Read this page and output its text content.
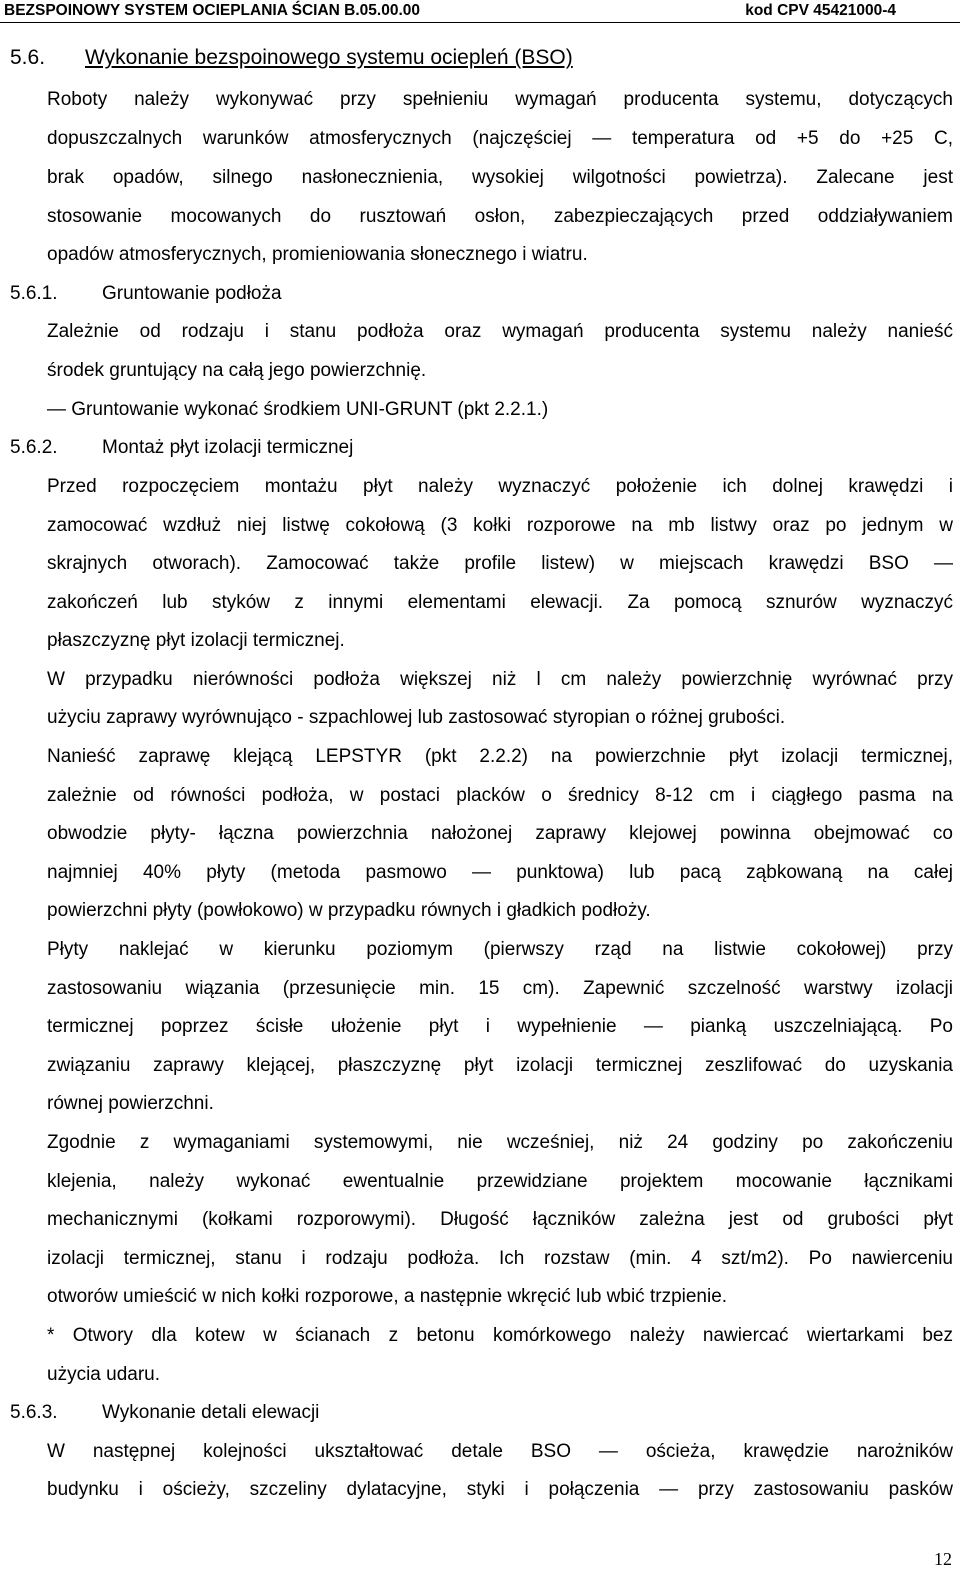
BEZSPOINOWY SYSTEM OCIEPLANIA ŚCIAN B.05.00.00	kod CPV 45421000-4
5.6. Wykonanie bezspoinowego systemu ociepleń (BSO)
Roboty należy wykonywać przy spełnieniu wymagań producenta systemu, dotyczących
dopuszczalnych warunków atmosferycznych (najczęściej — temperatura od +5 do +25 C,
brak opadów, silnego nasłonecznienia, wysokiej wilgotności powietrza). Zalecane jest
stosowanie mocowanych do rusztowań osłon, zabezpieczających przed oddziaływaniem
opadów atmosferycznych, promieniowania słonecznego i wiatru.
5.6.1. Gruntowanie podłoża
Zależnie od rodzaju i stanu podłoża oraz wymagań producenta systemu należy nanieść
środek gruntujący na całą jego powierzchnię.
— Gruntowanie wykonać środkiem UNI-GRUNT (pkt 2.2.1.)
5.6.2. Montaż płyt izolacji termicznej
Przed rozpoczęciem montażu płyt należy wyznaczyć położenie ich dolnej krawędzi i
zamocować wzdłuż niej listwę cokołową (3 kołki rozporowe na mb listwy oraz po jednym w
skrajnych otworach). Zamocować także profile listew) w miejscach krawędzi BSO —
zakończeń lub styków z innymi elementami elewacji. Za pomocą sznurów wyznaczyć
płaszczyznę płyt izolacji termicznej.
W przypadku nierówności podłoża większej niż l cm należy powierzchnię wyrównać przy
użyciu zaprawy wyrównująco - szpachlowej lub zastosować styropian o różnej grubości.
Nanieść zaprawę klejącą LEPSTYR (pkt 2.2.2) na powierzchnie płyt izolacji termicznej,
zależnie od równości podłoża, w postaci placków o średnicy 8-12 cm i ciągłego pasma na
obwodzie płyty- łączna powierzchnia nałożonej zaprawy klejowej powinna obejmować co
najmniej 40% płyty (metoda pasmowo — punktowa) lub pacą ząbkowaną na całej
powierzchni płyty (powłokowo) w przypadku równych i gładkich podłoży.
Płyty naklejać w kierunku poziomym (pierwszy rząd na listwie cokołowej) przy
zastosowaniu wiązania (przesunięcie min. 15 cm). Zapewnić szczelność warstwy izolacji
termicznej poprzez ścisłe ułożenie płyt i wypełnienie — pianką uszczelniającą. Po
związaniu zaprawy klejącej, płaszczyznę płyt izolacji termicznej zeszlifować do uzyskania
równej powierzchni.
Zgodnie z wymaganiami systemowymi, nie wcześniej, niż 24 godziny po zakończeniu
klejenia, należy wykonać ewentualnie przewidziane projektem mocowanie łącznikami
mechanicznymi (kołkami rozporowymi). Długość łączników zależna jest od grubości płyt
izolacji termicznej, stanu i rodzaju podłoża. Ich rozstaw (min. 4 szt/m2). Po nawierceniu
otworów umieścić w nich kołki rozporowe, a następnie wkręcić lub wbić trzpienie.
* Otwory dla kotew w ścianach z betonu komórkowego należy nawiercać wiertarkami bez
użycia udaru.
5.6.3. Wykonanie detali elewacji
W następnej kolejności ukształtować detale BSO — ościeża, krawędzie narożników
budynku i ościeży, szczeliny dylatacyjne, styki i połączenia — przy zastosowaniu pasków
12
